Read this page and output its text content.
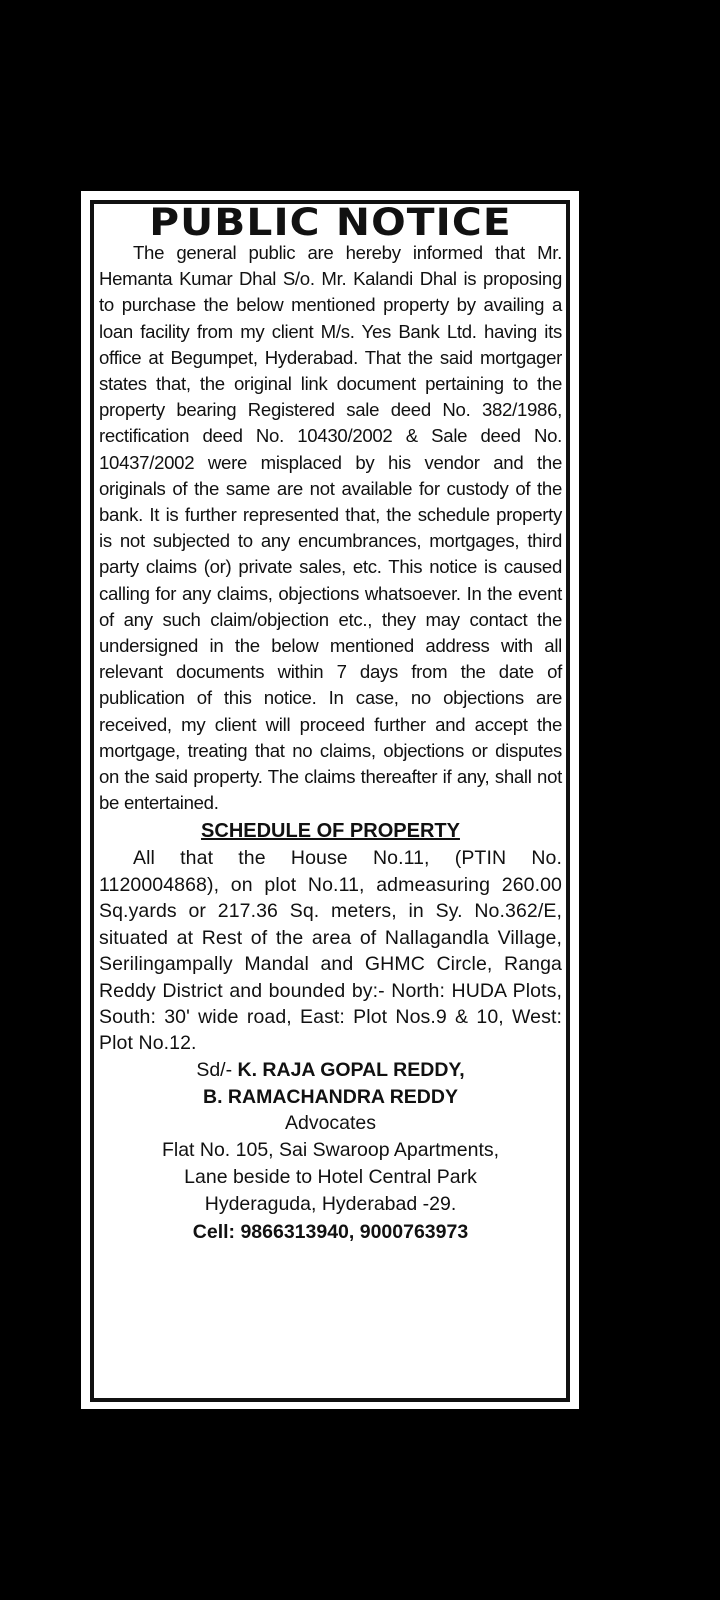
PUBLIC NOTICE

The general public are hereby informed that Mr. Hemanta Kumar Dhal S/o. Mr. Kalandi Dhal is proposing to purchase the below mentioned property by availing a loan facility from my client M/s. Yes Bank Ltd. having its office at Begumpet, Hyderabad. That the said mortgager states that, the original link document pertaining to the property bearing Registered sale deed No. 382/1986, rectification deed No. 10430/2002 & Sale deed No. 10437/2002 were misplaced by his vendor and the originals of the same are not available for custody of the bank. It is further represented that, the schedule property is not subjected to any encumbrances, mortgages, third party claims (or) private sales, etc. This notice is caused calling for any claims, objections whatsoever. In the event of any such claim/objection etc., they may contact the undersigned in the below mentioned address with all relevant documents within 7 days from the date of publication of this notice. In case, no objections are received, my client will proceed further and accept the mortgage, treating that no claims, objections or disputes on the said property. The claims thereafter if any, shall not be entertained.

SCHEDULE OF PROPERTY

All that the House No.11, (PTIN No. 1120004868), on plot No.11, admeasuring 260.00 Sq.yards or 217.36 Sq. meters, in Sy. No.362/E, situated at Rest of the area of Nallagandla Village, Serilingampally Mandal and GHMC Circle, Ranga Reddy District and bounded by:- North: HUDA Plots, South: 30' wide road, East: Plot Nos.9 & 10, West: Plot No.12.

Sd/- K. RAJA GOPAL REDDY,

B. RAMACHANDRA REDDY

Advocates

Flat No. 105, Sai Swaroop Apartments,

Lane beside to Hotel Central Park

Hyderaguda, Hyderabad -29.

Cell: 9866313940, 9000763973
